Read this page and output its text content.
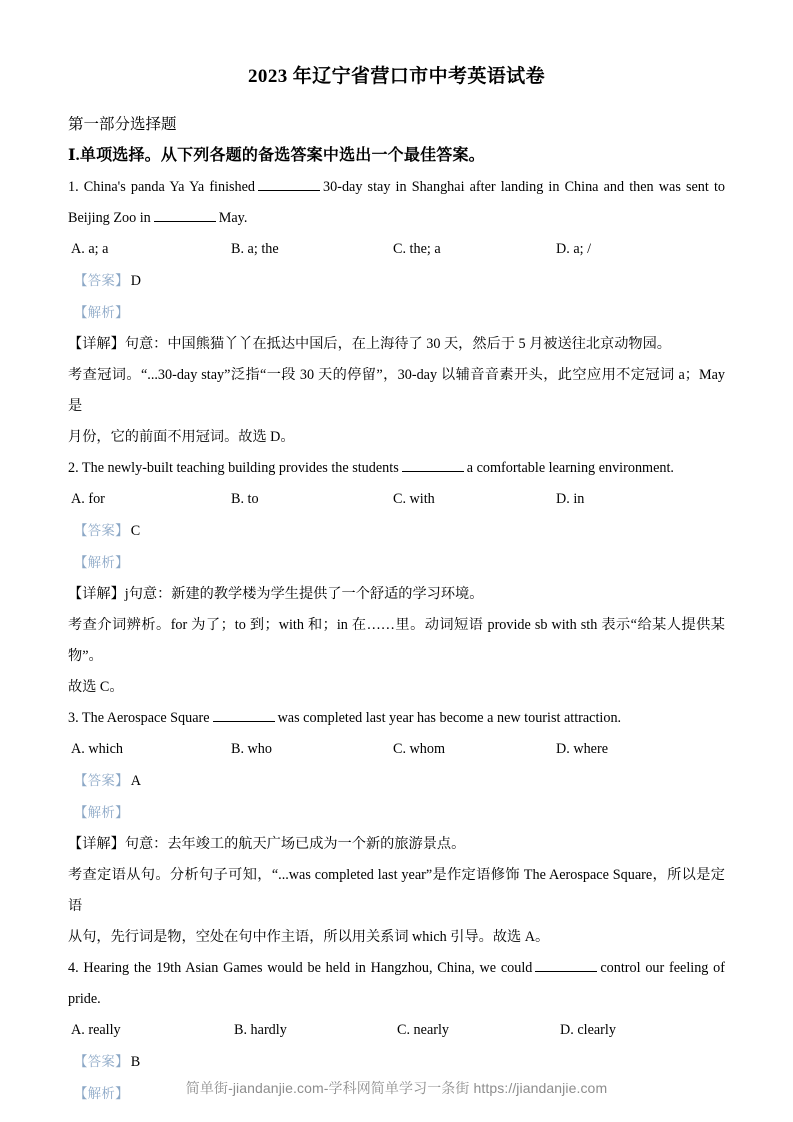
2023 年辽宁省营口市中考英语试卷

第一部分选择题

Ⅰ.单项选择。从下列各题的备选答案中选出一个最佳答案。

1. China's panda Ya Ya finished	30-day stay in Shanghai after landing in China and then was sent to Beijing Zoo in	May.

A. a; a	B. a; the	C. the; a	D. a; /

【答案】 D

【解析】

【详解】句意：中国熊猫丫丫在抵达中国后，在上海待了 30 天，然后于 5 月被送往北京动物园。

考查冠词。“...30-day stay”泛指“一段 30 天的停留”，30-day 以辅音音素开头，此空应用不定冠词 a；May 是

月份，它的前面不用冠词。故选 D。

2. The newly-built teaching building provides the students	a comfortable learning environment.

A. for	B. to	C. with	D. in

【答案】 C

【解析】

【详解】j句意：新建的教学楼为学生提供了一个舒适的学习环境。

考查介词辨析。for 为了；to 到；with 和；in 在……里。动词短语 provide sb with sth 表示“给某人提供某物”。

故选 C。

3. The Aerospace Square	was completed last year has become a new tourist attraction.

A. which	B. who	C. whom	D. where

【答案】 A

【解析】

【详解】句意：去年竣工的航天广场已成为一个新的旅游景点。

考查定语从句。分析句子可知，“...was completed last year”是作定语修饰 The Aerospace Square，所以是定语

从句，先行词是物，空处在句中作主语，所以用关系词 which 引导。故选 A。

4. Hearing the 19th Asian Games would be held in Hangzhou, China, we could	control our feeling of pride.

A. really	B. hardly	C. nearly	D. clearly

【答案】 B

【解析】	简单街-jiandanjie.com-学科网简单学习一条街 https://jiandanjie.com
